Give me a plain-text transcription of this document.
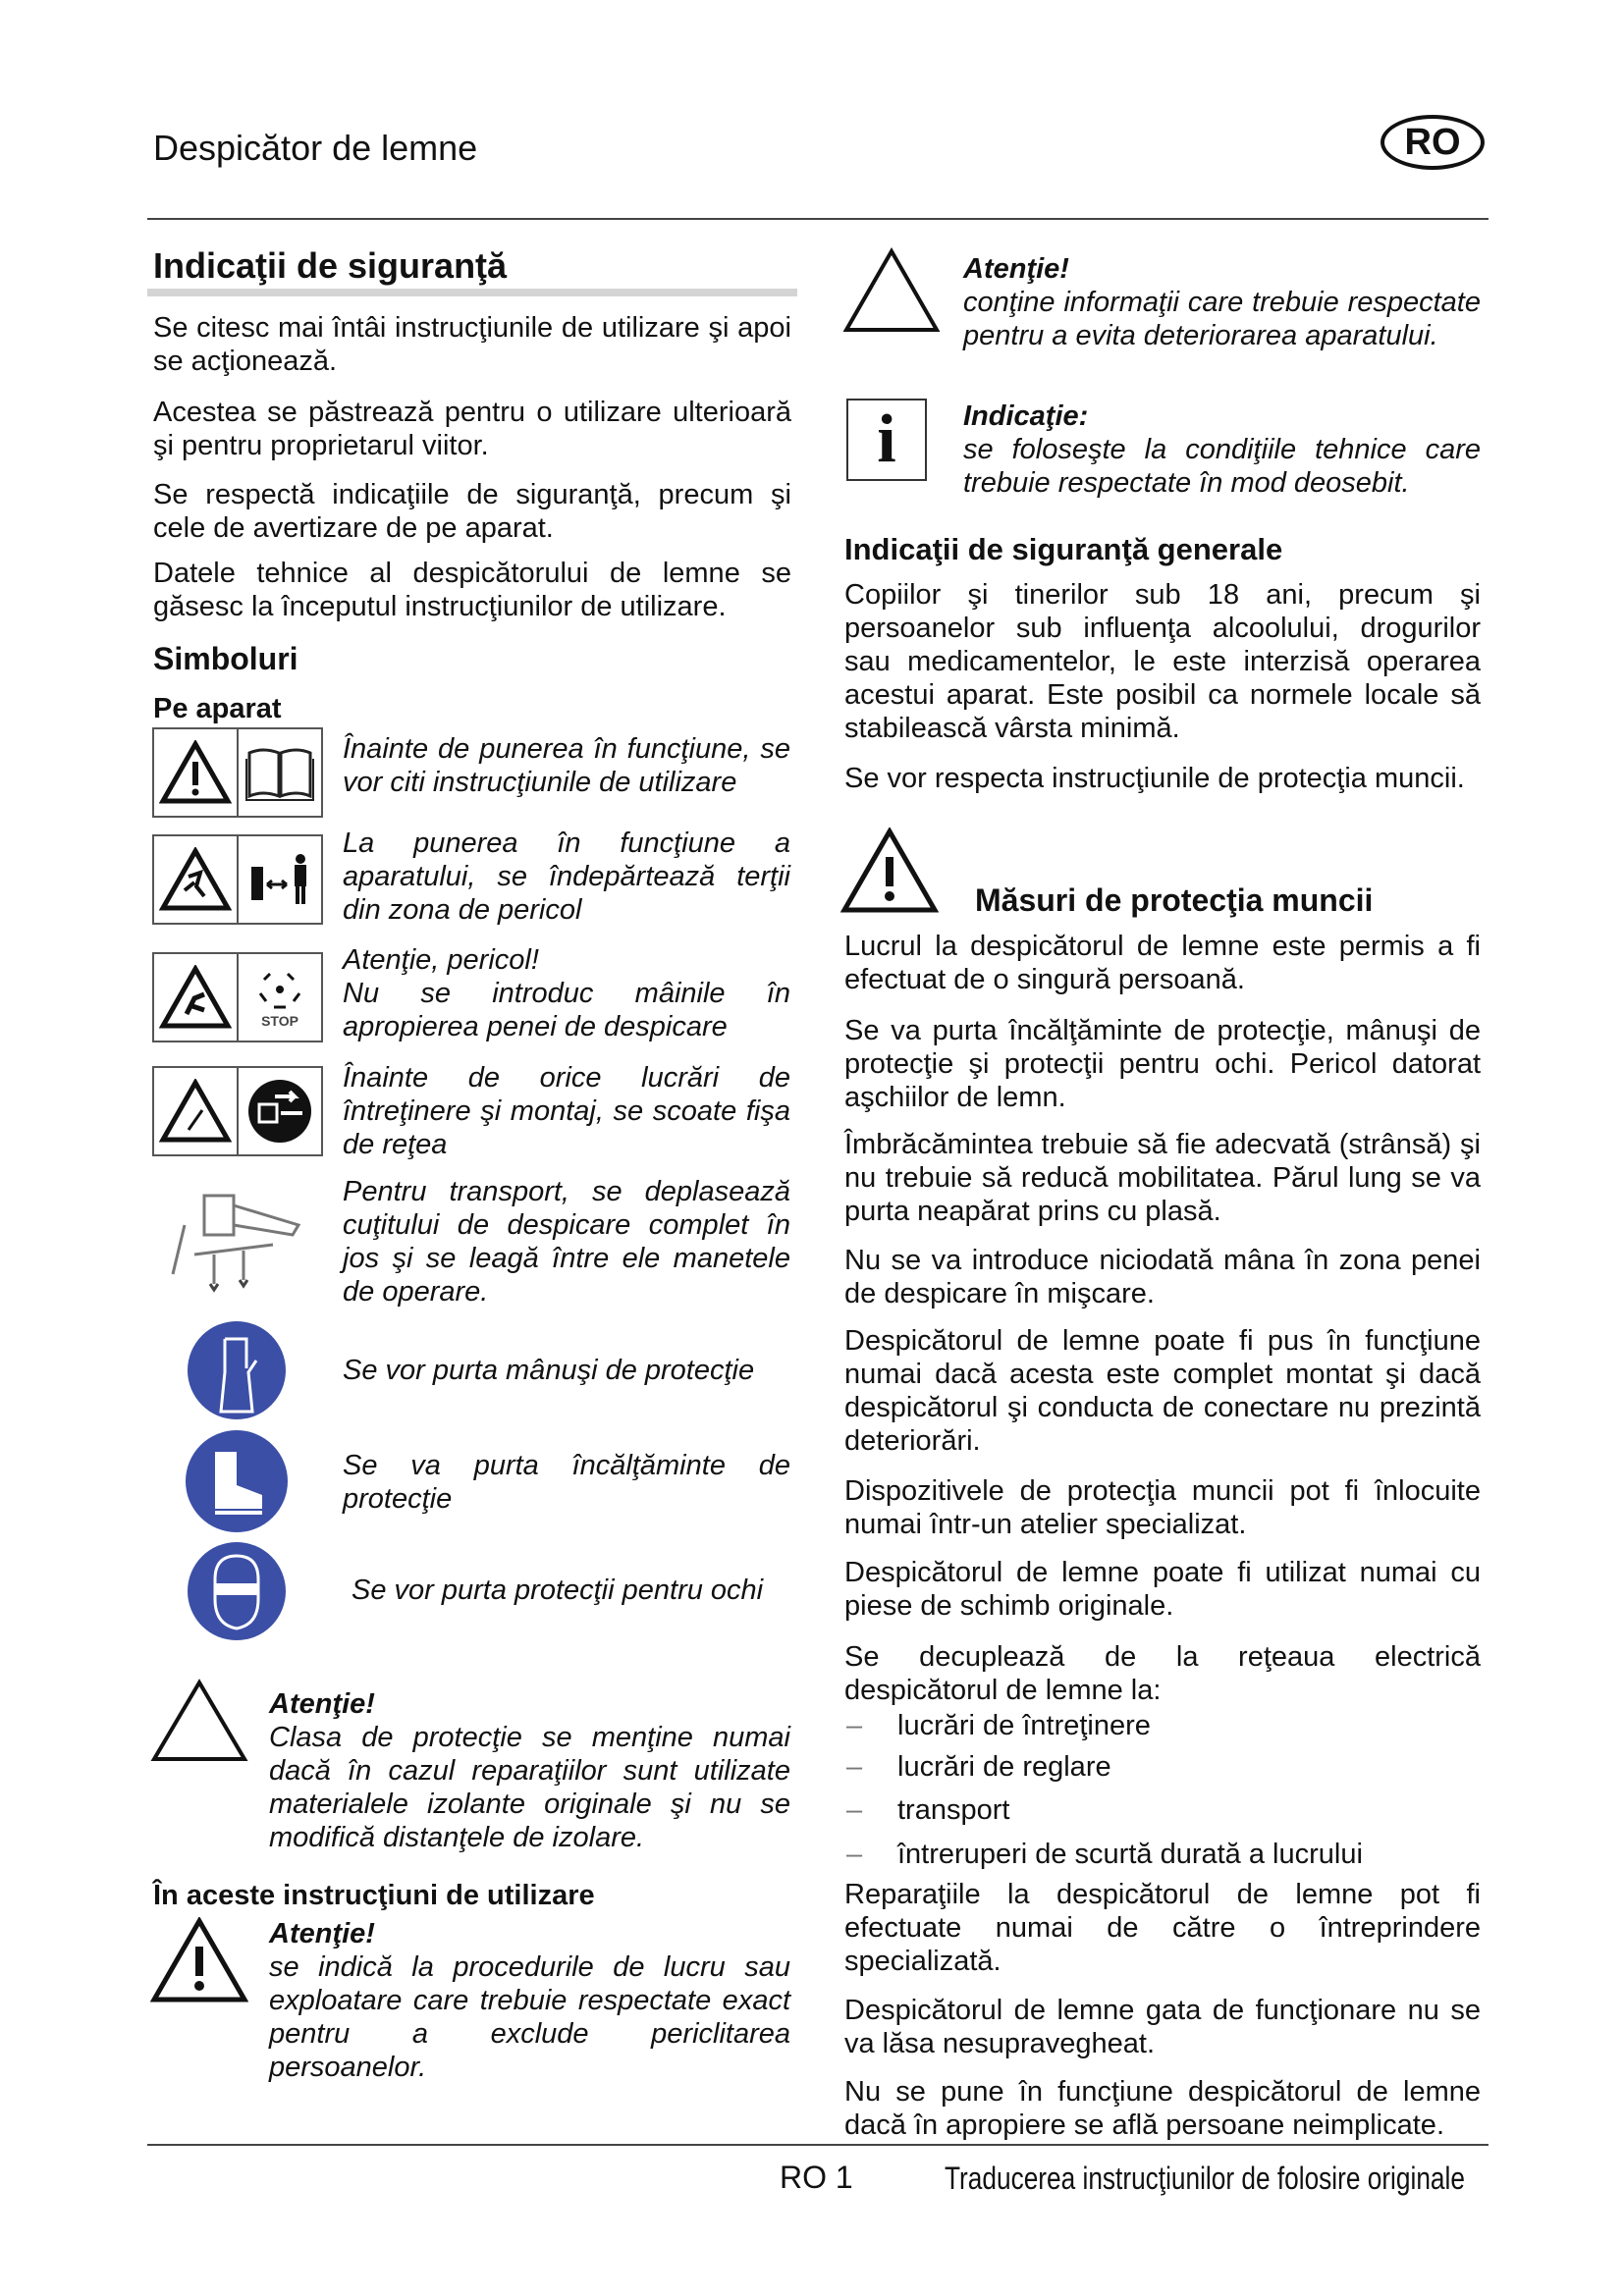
Despicător de lemne	RO
Indicaţii de siguranţă
Se citesc mai întâi instrucţiunile de utilizare şi apoi se acţionează.
Acestea se păstrează pentru o utilizare ulterioară şi pentru proprietarul viitor.
Se respectă indicaţiile de siguranţă, precum şi cele de avertizare de pe aparat.
Datele tehnice al despicătorului de lemne se găsesc la începutul instrucţiunilor de utilizare.
Simboluri
Pe aparat
Înainte de punerea în funcţiune, se vor citi instrucţiunile de utilizare
La punerea în funcţiune a aparatului, se îndepărtează terţii din zona de pericol
STOP
Atenţie, pericol!
Nu se introduc mâinile în apropierea penei de despicare
Înainte de orice lucrări de întreţinere şi montaj, se scoate fişa de reţea
Pentru transport, se deplasează cuţitului de despicare complet în jos şi se leagă între ele manetele de operare.
Se vor purta mânuşi de protecţie
Se va purta încălţăminte de protecţie
Se vor purta protecţii pentru ochi
Atenţie!
Clasa de protecţie se menţine numai dacă în cazul reparaţiilor sunt utilizate materialele izolante originale şi nu se modifică distanţele de izolare.
În aceste instrucţiuni de utilizare
Atenţie!
se indică la procedurile de lucru sau exploatare care trebuie respectate exact pentru a exclude periclitarea persoanelor.
Atenţie!
conţine informaţii care trebuie respectate pentru a evita deteriorarea aparatului.
i	Indicaţie:
se foloseşte la condiţiile tehnice care trebuie respectate în mod deosebit.
Indicaţii de siguranţă generale
Copiilor şi tinerilor sub 18 ani, precum şi persoanelor sub influenţa alcoolului, drogurilor sau medicamentelor, le este interzisă operarea acestui aparat. Este posibil ca normele locale să stabilească vârsta minimă.
Se vor respecta instrucţiunile de protecţia muncii.
Măsuri de protecţia muncii
Lucrul la despicătorul de lemne este permis a fi efectuat de o singură persoană.
Se va purta încălţăminte de protecţie, mânuşi de protecţie şi protecţii pentru ochi. Pericol datorat aşchiilor de lemn.
Îmbrăcămintea trebuie să fie adecvată (strânsă) şi nu trebuie să reducă mobilitatea. Părul lung se va purta neapărat prins cu plasă.
Nu se va introduce niciodată mâna în zona penei de despicare în mişcare.
Despicătorul de lemne poate fi pus în funcţiune numai dacă acesta este complet montat şi dacă despicătorul şi conducta de conectare nu prezintă deteriorări.
Dispozitivele de protecţia muncii pot fi înlocuite numai într-un atelier specializat.
Despicătorul de lemne poate fi utilizat numai cu piese de schimb originale.
Se decuplează de la reţeaua electrică despicătorul de lemne la:
–	lucrări de întreţinere
–	lucrări de reglare
–	transport
–	întreruperi de scurtă durată a lucrului
Reparaţiile la despicătorul de lemne pot fi efectuate numai de către o întreprindere specializată.
Despicătorul de lemne gata de funcţionare nu se va lăsa nesupravegheat.
Nu se pune în funcţiune despicătorul de lemne dacă în apropiere se află persoane neimplicate.
RO 1	Traducerea instrucţiunilor de folosire originale
